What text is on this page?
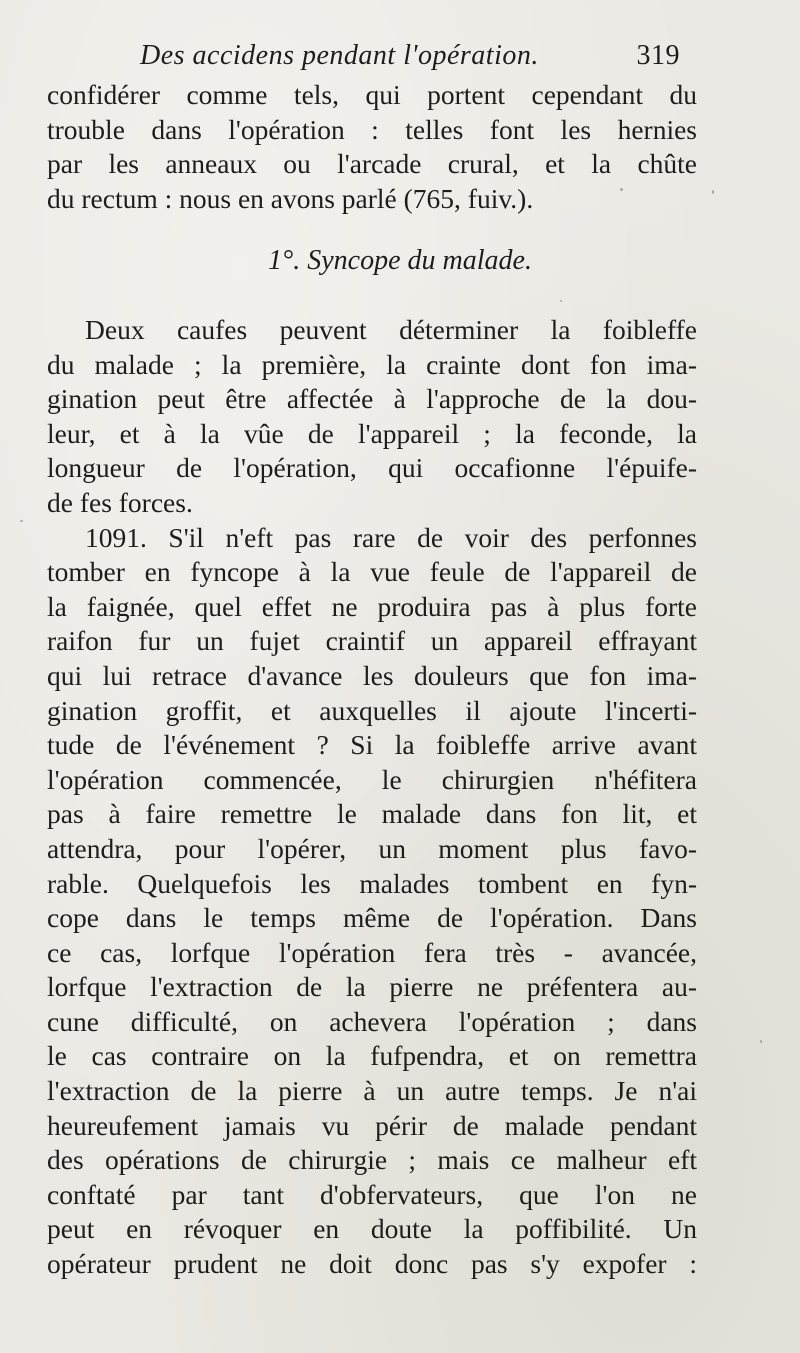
Des accidens pendant l'opération.	319
confidérer comme tels, qui portent cependant du
trouble dans l'opération : telles font les hernies
par les anneaux ou l'arcade crural, et la chûte
du rectum : nous en avons parlé (765, fuiv.).
1°. Syncope du malade.
Deux caufes peuvent déterminer la foibleffe
du malade ; la première, la crainte dont fon ima-
gination peut être affectée à l'approche de la dou-
leur, et à la vûe de l'appareil ; la feconde, la
longueur de l'opération, qui occafionne l'épuife-
de fes forces.
1091. S'il n'eft pas rare de voir des perfonnes
tomber en fyncope à la vue feule de l'appareil de
la faignée, quel effet ne produira pas à plus forte
raifon fur un fujet craintif un appareil effrayant
qui lui retrace d'avance les douleurs que fon ima-
gination groffit, et auxquelles il ajoute l'incerti-
tude de l'événement ? Si la foibleffe arrive avant
l'opération commencée, le chirurgien n'héfitera
pas à faire remettre le malade dans fon lit, et
attendra, pour l'opérer, un moment plus favo-
rable. Quelquefois les malades tombent en fyn-
cope dans le temps même de l'opération. Dans
ce cas, lorfque l'opération fera très - avancée,
lorfque l'extraction de la pierre ne préfentera au-
cune difficulté, on achevera l'opération ; dans
le cas contraire on la fufpendra, et on remettra
l'extraction de la pierre à un autre temps. Je n'ai
heureufement jamais vu périr de malade pendant
des opérations de chirurgie ; mais ce malheur eft
conftaté par tant d'obfervateurs, que l'on ne
peut en révoquer en doute la poffibilité. Un
opérateur prudent ne doit donc pas s'y expofer :
